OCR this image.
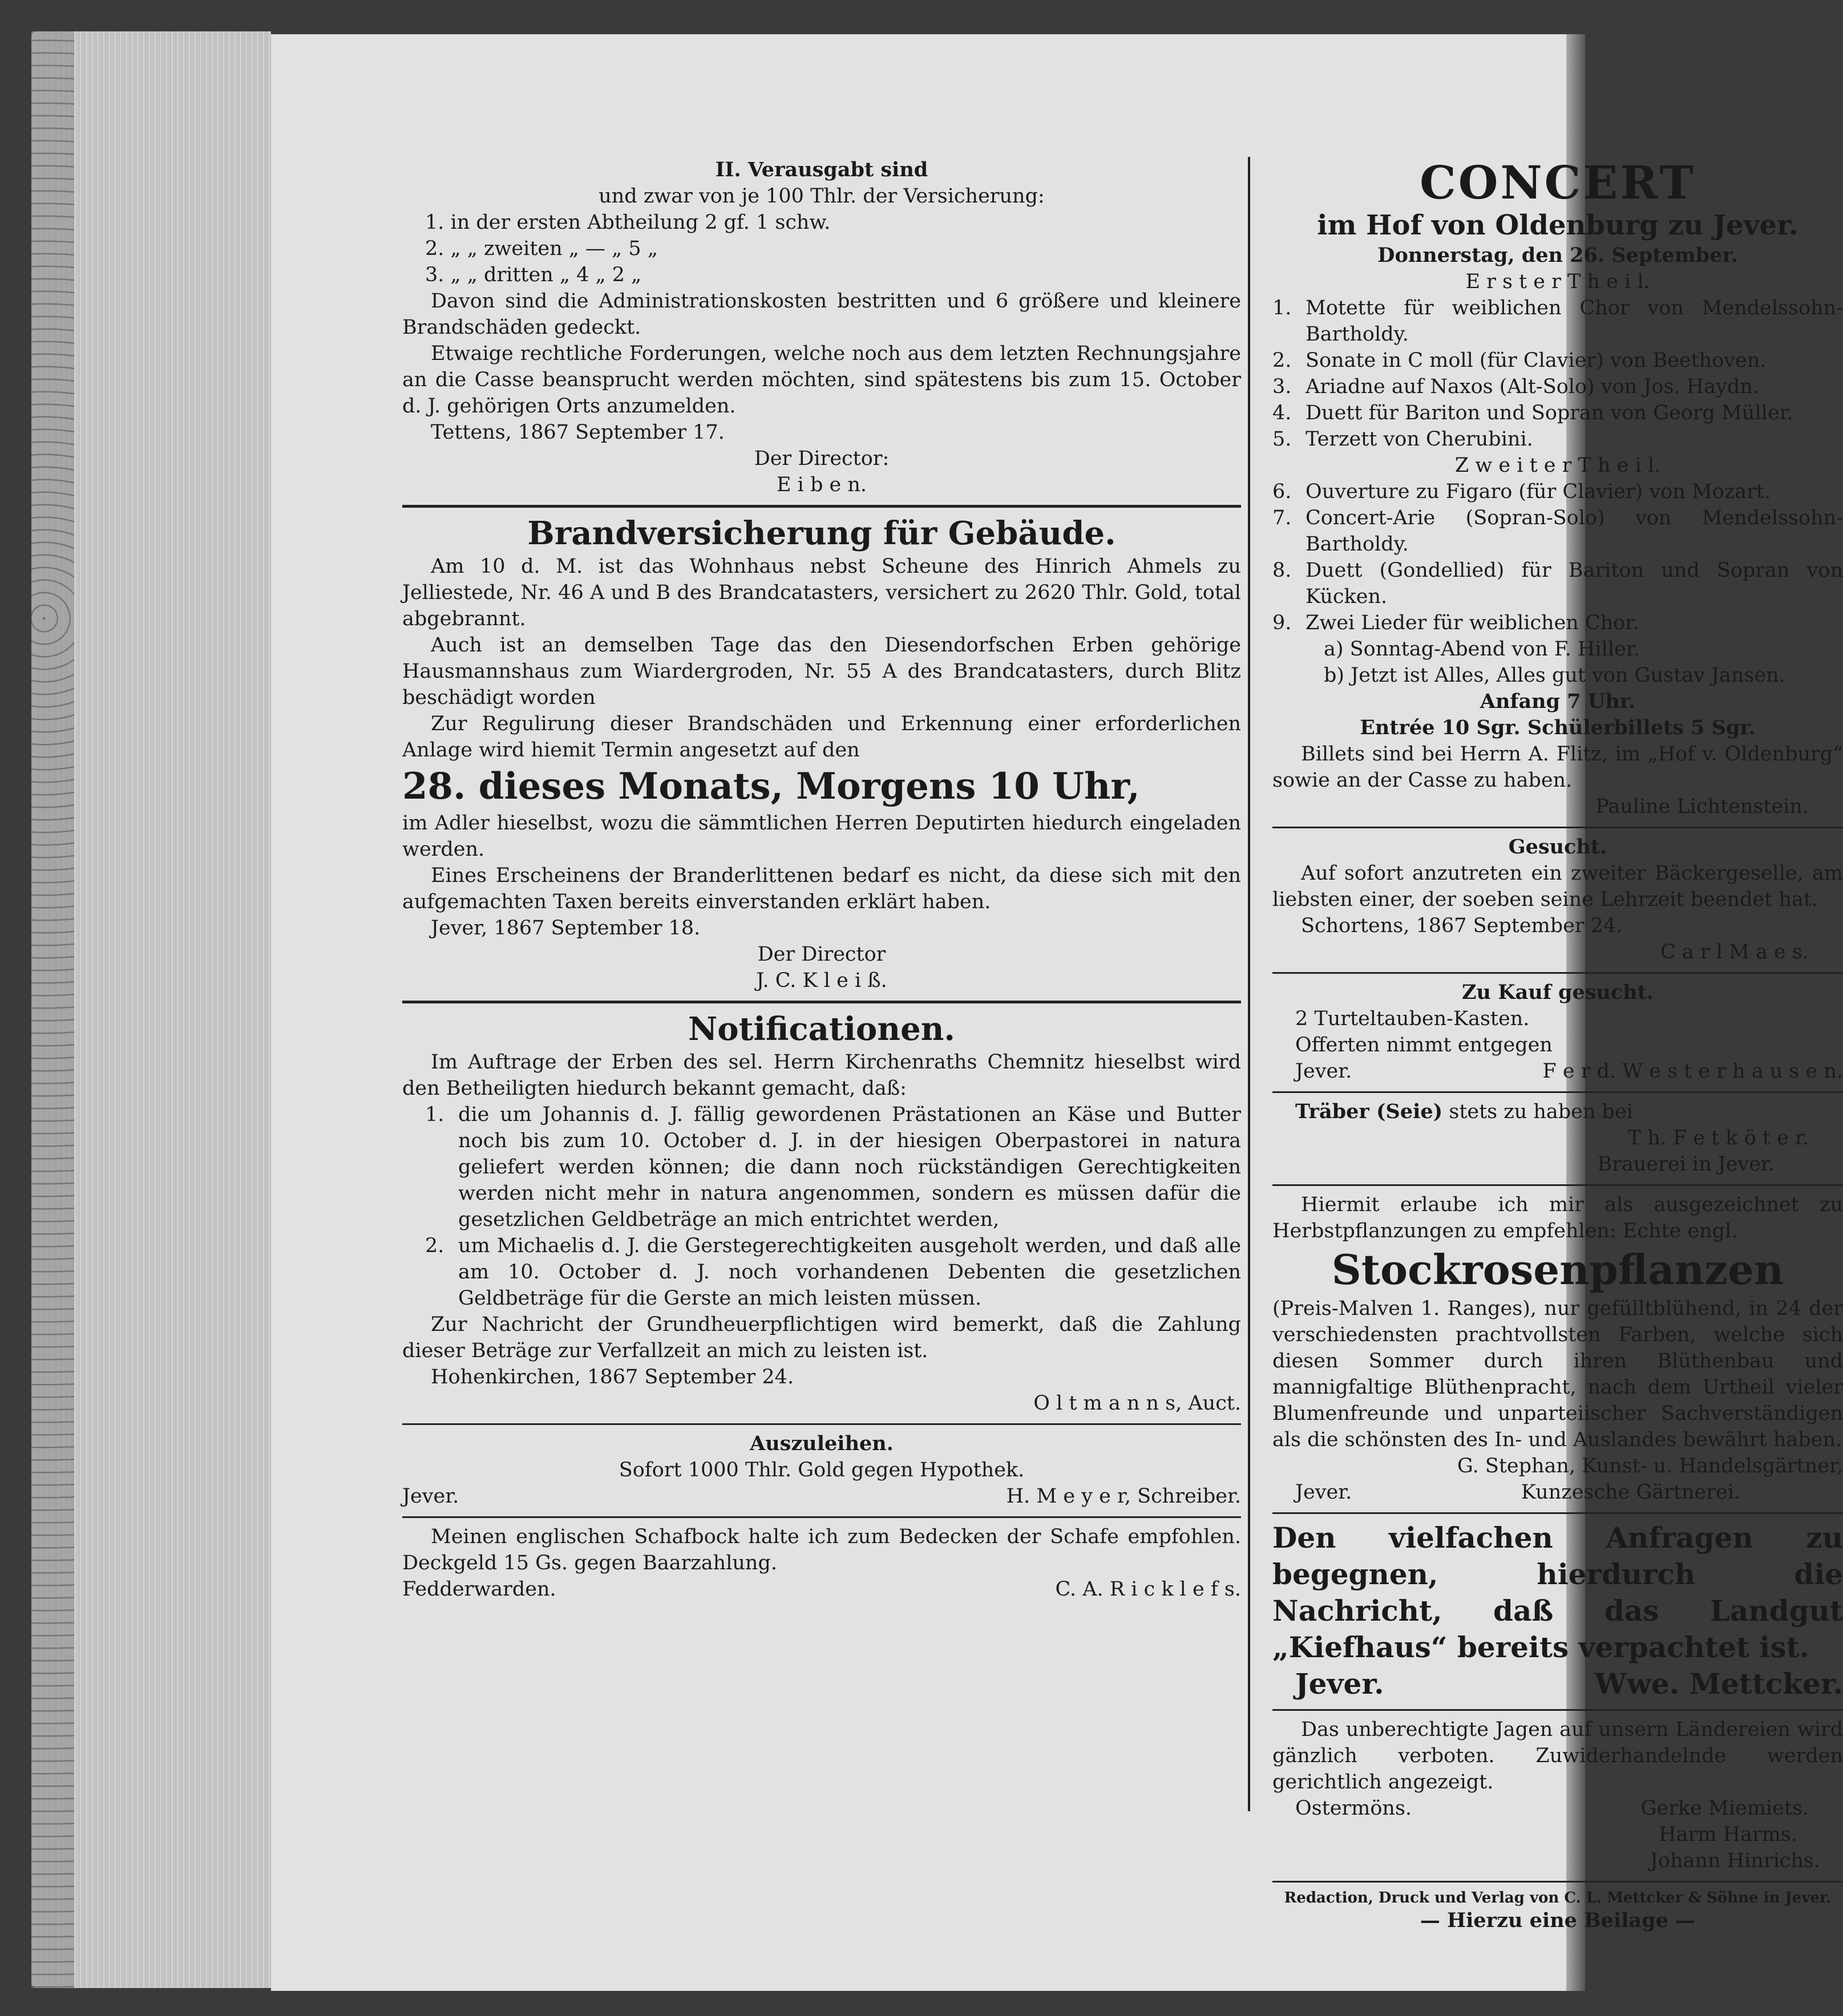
II. Verausgabt sind

und zwar von je 100 Thlr. der Versicherung:

1. in der ersten Abtheilung 2 gf. 1 schw.

2. „ „ zweiten „ — „ 5 „

3. „ „ dritten „ 4 „ 2 „

Davon sind die Administrationskosten bestritten und 6 größere und kleinere Brandschäden gedeckt.

Etwaige rechtliche Forderungen, welche noch aus dem letzten Rechnungsjahre an die Casse beansprucht werden möchten, sind spätestens bis zum 15. October d. J. gehörigen Orts anzumelden.

Tettens, 1867 September 17.

Der Director:

E i b e n.

Brandversicherung für Gebäude.

Am 10 d. M. ist das Wohnhaus nebst Scheune des Hinrich Ahmels zu Jelliestede, Nr. 46 A und B des Brandcatasters, versichert zu 2620 Thlr. Gold, total abgebrannt.

Auch ist an demselben Tage das den Diesendorfschen Erben gehörige Hausmannshaus zum Wiardergroden, Nr. 55 A des Brandcatasters, durch Blitz beschädigt worden

Zur Regulirung dieser Brandschäden und Erkennung einer erforderlichen Anlage wird hiemit Termin angesetzt auf den

28. dieses Monats, Morgens 10 Uhr,

im Adler hieselbst, wozu die sämmtlichen Herren Deputirten hiedurch eingeladen werden.

Eines Erscheinens der Branderlittenen bedarf es nicht, da diese sich mit den aufgemachten Taxen bereits einverstanden erklärt haben.

Jever, 1867 September 18.

Der Director

J. C. K l e i ß.

Notificationen.

Im Auftrage der Erben des sel. Herrn Kirchenraths Chemnitz hieselbst wird den Betheiligten hiedurch bekannt gemacht, daß:

1. die um Johannis d. J. fällig gewordenen Prästationen an Käse und Butter noch bis zum 10. October d. J. in der hiesigen Oberpastorei in natura geliefert werden können; die dann noch rückständigen Gerechtigkeiten werden nicht mehr in natura angenommen, sondern es müssen dafür die gesetzlichen Geldbeträge an mich entrichtet werden,
2. um Michaelis d. J. die Gerstegerechtigkeiten ausgeholt werden, und daß alle am 10. October d. J. noch vorhandenen Debenten die gesetzlichen Geldbeträge für die Gerste an mich leisten müssen.

Zur Nachricht der Grundheuerpflichtigen wird bemerkt, daß die Zahlung dieser Beträge zur Verfallzeit an mich zu leisten ist.

Hohenkirchen, 1867 September 24.

O l t m a n n s, Auct.

Auszuleihen.

Sofort 1000 Thlr. Gold gegen Hypothek.

Jever.	H. M e y e r, Schreiber.

Meinen englischen Schafbock halte ich zum Bedecken der Schafe empfohlen. Deckgeld 15 Gs. gegen Baarzahlung.

Fedderwarden.	C. A. R i c k l e f s.

CONCERT

im Hof von Oldenburg zu Jever.

Donnerstag, den 26. September.

E r s t e r T h e i l.

1. Motette für weiblichen Chor von Mendelssohn-Bartholdy.
2. Sonate in C moll (für Clavier) von Beethoven.
3. Ariadne auf Naxos (Alt-Solo) von Jos. Haydn.
4. Duett für Bariton und Sopran von Georg Müller.
5. Terzett von Cherubini.

Z w e i t e r T h e i l.

6. Ouverture zu Figaro (für Clavier) von Mozart.
7. Concert-Arie (Sopran-Solo) von Mendelssohn-Bartholdy.
8. Duett (Gondellied) für Bariton und Sopran von Kücken.
9. Zwei Lieder für weiblichen Chor.

a) Sonntag-Abend von F. Hiller.

b) Jetzt ist Alles, Alles gut von Gustav Jansen.

Anfang 7 Uhr.

Entrée 10 Sgr. Schülerbillets 5 Sgr.

Billets sind bei Herrn A. Flitz, im „Hof v. Oldenburg“ sowie an der Casse zu haben.

Pauline Lichtenstein.

Gesucht.

Auf sofort anzutreten ein zweiter Bäckergeselle, am liebsten einer, der soeben seine Lehrzeit beendet hat.

Schortens, 1867 September 24.

C a r l M a e s.

Zu Kauf gesucht.

2 Turteltauben-Kasten.

Offerten nimmt entgegen

Jever.	F e r d. W e s t e r h a u s e n.

Träber (Seie) stets zu haben bei

T h. F e t k ö t e r.

Brauerei in Jever.

Hiermit erlaube ich mir als ausgezeichnet zu Herbstpflanzungen zu empfehlen: Echte engl.

Stockrosenpflanzen

(Preis-Malven 1. Ranges), nur gefülltblühend, in 24 der verschiedensten prachtvollsten Farben, welche sich diesen Sommer durch ihren Blüthenbau und mannigfaltige Blüthenpracht, nach dem Urtheil vieler Blumenfreunde und unparteiischer Sachverständigen als die schönsten des In- und Auslandes bewährt haben.

G. Stephan, Kunst- u. Handelsgärtner,

Jever.	Kunzesche Gärtnerei.

Den vielfachen Anfragen zu begegnen, hierdurch die Nachricht, daß das Landgut „Kiefhaus“ bereits verpachtet ist.

Jever.	Wwe. Mettcker.

Das unberechtigte Jagen auf unsern Ländereien wird gänzlich verboten. Zuwiderhandelnde werden gerichtlich angezeigt.

Ostermöns.	Gerke Miemiets.

Harm Harms.

Johann Hinrichs.

Redaction, Druck und Verlag von C. L. Mettcker & Söhne in Jever.

— Hierzu eine Beilage —
